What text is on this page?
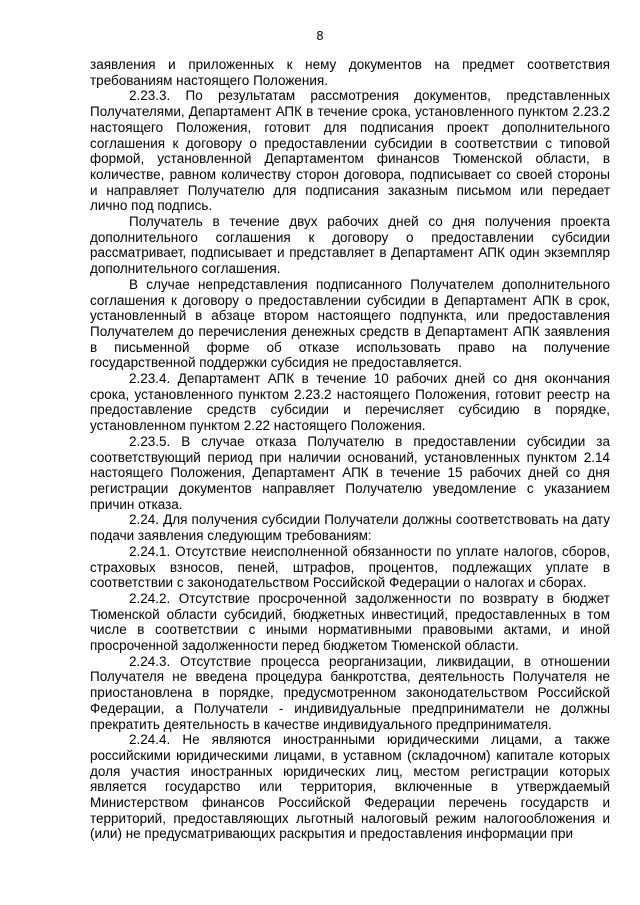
8

заявления и приложенных к нему документов на предмет соответствия требованиям настоящего Положения.

2.23.3. По результатам рассмотрения документов, представленных Получателями, Департамент АПК в течение срока, установленного пунктом 2.23.2 настоящего Положения, готовит для подписания проект дополнительного соглашения к договору о предоставлении субсидии в соответствии с типовой формой, установленной Департаментом финансов Тюменской области, в количестве, равном количеству сторон договора, подписывает со своей стороны и направляет Получателю для подписания заказным письмом или передает лично под подпись.

Получатель в течение двух рабочих дней со дня получения проекта дополнительного соглашения к договору о предоставлении субсидии рассматривает, подписывает и представляет в Департамент АПК один экземпляр дополнительного соглашения.

В случае непредставления подписанного Получателем дополнительного соглашения к договору о предоставлении субсидии в Департамент АПК в срок, установленный в абзаце втором настоящего подпункта, или предоставления Получателем до перечисления денежных средств в Департамент АПК заявления в письменной форме об отказе использовать право на получение государственной поддержки субсидия не предоставляется.

2.23.4. Департамент АПК в течение 10 рабочих дней со дня окончания срока, установленного пунктом 2.23.2 настоящего Положения, готовит реестр на предоставление средств субсидии и перечисляет субсидию в порядке, установленном пунктом 2.22 настоящего Положения.

2.23.5. В случае отказа Получателю в предоставлении субсидии за соответствующий период при наличии оснований, установленных пунктом 2.14 настоящего Положения, Департамент АПК в течение 15 рабочих дней со дня регистрации документов направляет Получателю уведомление с указанием причин отказа.

2.24. Для получения субсидии Получатели должны соответствовать на дату подачи заявления следующим требованиям:

2.24.1. Отсутствие неисполненной обязанности по уплате налогов, сборов, страховых взносов, пеней, штрафов, процентов, подлежащих уплате в соответствии с законодательством Российской Федерации о налогах и сборах.

2.24.2. Отсутствие просроченной задолженности по возврату в бюджет Тюменской области субсидий, бюджетных инвестиций, предоставленных в том числе в соответствии с иными нормативными правовыми актами, и иной просроченной задолженности перед бюджетом Тюменской области.

2.24.3. Отсутствие процесса реорганизации, ликвидации, в отношении Получателя не введена процедура банкротства, деятельность Получателя не приостановлена в порядке, предусмотренном законодательством Российской Федерации, а Получатели - индивидуальные предприниматели не должны прекратить деятельность в качестве индивидуального предпринимателя.

2.24.4. Не являются иностранными юридическими лицами, а также российскими юридическими лицами, в уставном (складочном) капитале которых доля участия иностранных юридических лиц, местом регистрации которых является государство или территория, включенные в утверждаемый Министерством финансов Российской Федерации перечень государств и территорий, предоставляющих льготный налоговый режим налогообложения и (или) не предусматривающих раскрытия и предоставления информации при
